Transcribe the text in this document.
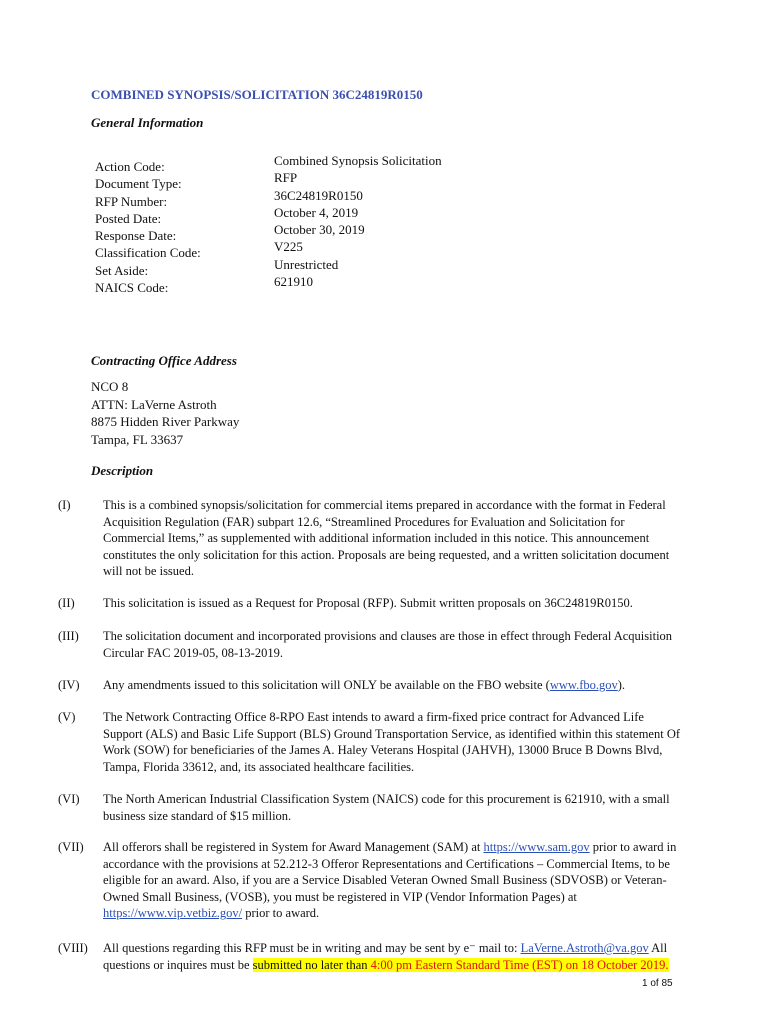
COMBINED SYNOPSIS/SOLICITATION 36C24819R0150
General Information
Action Code:
Document Type:
RFP Number:
Posted Date:
Response Date:
Classification Code:
Set Aside:
NAICS Code:
Combined Synopsis Solicitation
RFP
36C24819R0150
October 4, 2019
October 30, 2019
V225
Unrestricted
621910
Contracting Office Address
NCO 8
ATTN: LaVerne Astroth
8875 Hidden River Parkway
Tampa, FL 33637
Description
(I)	This is a combined synopsis/solicitation for commercial items prepared in accordance with the format in Federal
Acquisition Regulation (FAR) subpart 12.6, “Streamlined Procedures for Evaluation and Solicitation for
Commercial Items,” as supplemented with additional information included in this notice. This announcement
constitutes the only solicitation for this action. Proposals are being requested, and a written solicitation document
will not be issued.
(II) This solicitation is issued as a Request for Proposal (RFP). Submit written proposals on 36C24819R0150.
(III) The solicitation document and incorporated provisions and clauses are those in effect through Federal Acquisition
Circular FAC 2019-05, 08-13-2019.
(IV) Any amendments issued to this solicitation will ONLY be available on the FBO website (www.fbo.gov).
(V) The Network Contracting Office 8-RPO East intends to award a firm-fixed price contract for Advanced Life
Support (ALS) and Basic Life Support (BLS) Ground Transportation Service, as identified within this statement Of
Work (SOW) for beneficiaries of the James A. Haley Veterans Hospital (JAHVH), 13000 Bruce B Downs Blvd,
Tampa, Florida 33612, and, its associated healthcare facilities.
(VI) The North American Industrial Classification System (NAICS) code for this procurement is 621910, with a small
business size standard of $15 million.
(VII) All offerors shall be registered in System for Award Management (SAM) at https://www.sam.gov prior to award in
accordance with the provisions at 52.212-3 Offeror Representations and Certifications – Commercial Items, to be
eligible for an award. Also, if you are a Service Disabled Veteran Owned Small Business (SDVOSB) or Veteran-
Owned Small Business, (VOSB), you must be registered in VIP (Vendor Information Pages) at
https://www.vip.vetbiz.gov/ prior to award.
(VIII) All questions regarding this RFP must be in writing and may be sent by e⁻ mail to: LaVerne.Astroth@va.gov All
questions or inquires must be submitted no later than 4:00 pm Eastern Standard Time (EST) on 18 October 2019.
1 of 85
